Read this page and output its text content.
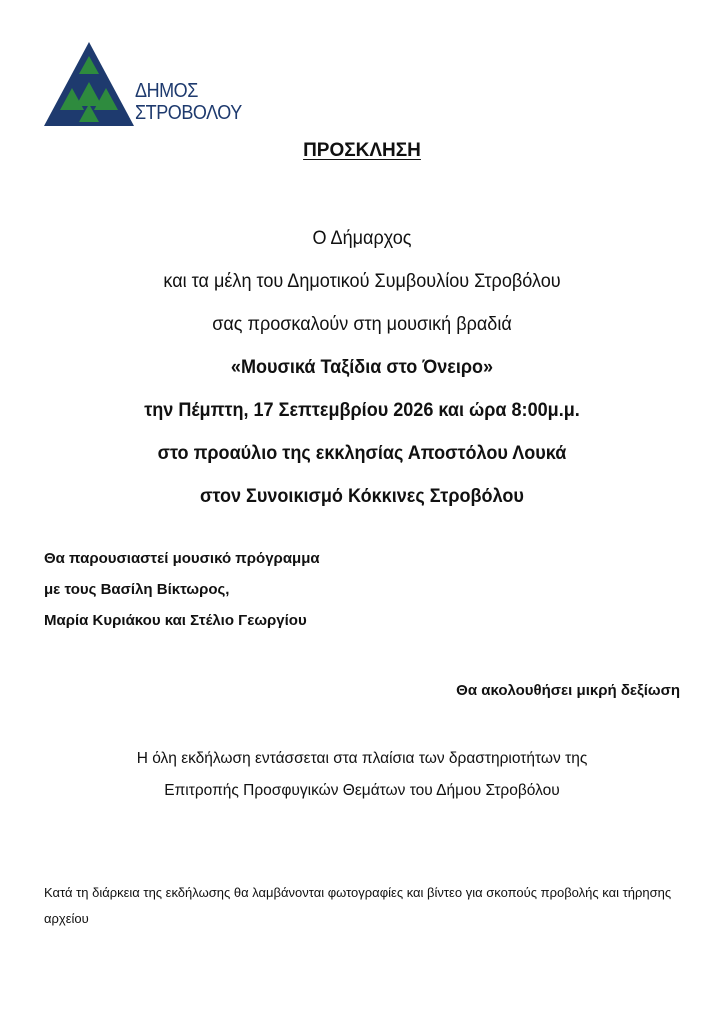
ΔΗΜΟΣ
ΣΤΡΟΒΟΛΟΥ
ΠΡΟΣΚΛΗΣΗ
Ο Δήμαρχος
και τα μέλη του Δημοτικού Συμβουλίου Στροβόλου
σας προσκαλούν στη μουσική βραδιά
«Μουσικά Ταξίδια στο Όνειρο»
την Πέμπτη, 17 Σεπτεμβρίου 2026 και ώρα 8:00μ.μ.
στο προαύλιο της εκκλησίας Αποστόλου Λουκά
στον Συνοικισμό Κόκκινες Στροβόλου
Θα παρουσιαστεί μουσικό πρόγραμμα
με τους Βασίλη Βίκτωρος,
Μαρία Κυριάκου και Στέλιο Γεωργίου
Θα ακολουθήσει μικρή δεξίωση
Η όλη εκδήλωση εντάσσεται στα πλαίσια των δραστηριοτήτων της
Επιτροπής Προσφυγικών Θεμάτων του Δήμου Στροβόλου
Κατά τη διάρκεια της εκδήλωσης θα λαμβάνονται φωτογραφίες και βίντεο για σκοπούς προβολής και τήρησης αρχείου
